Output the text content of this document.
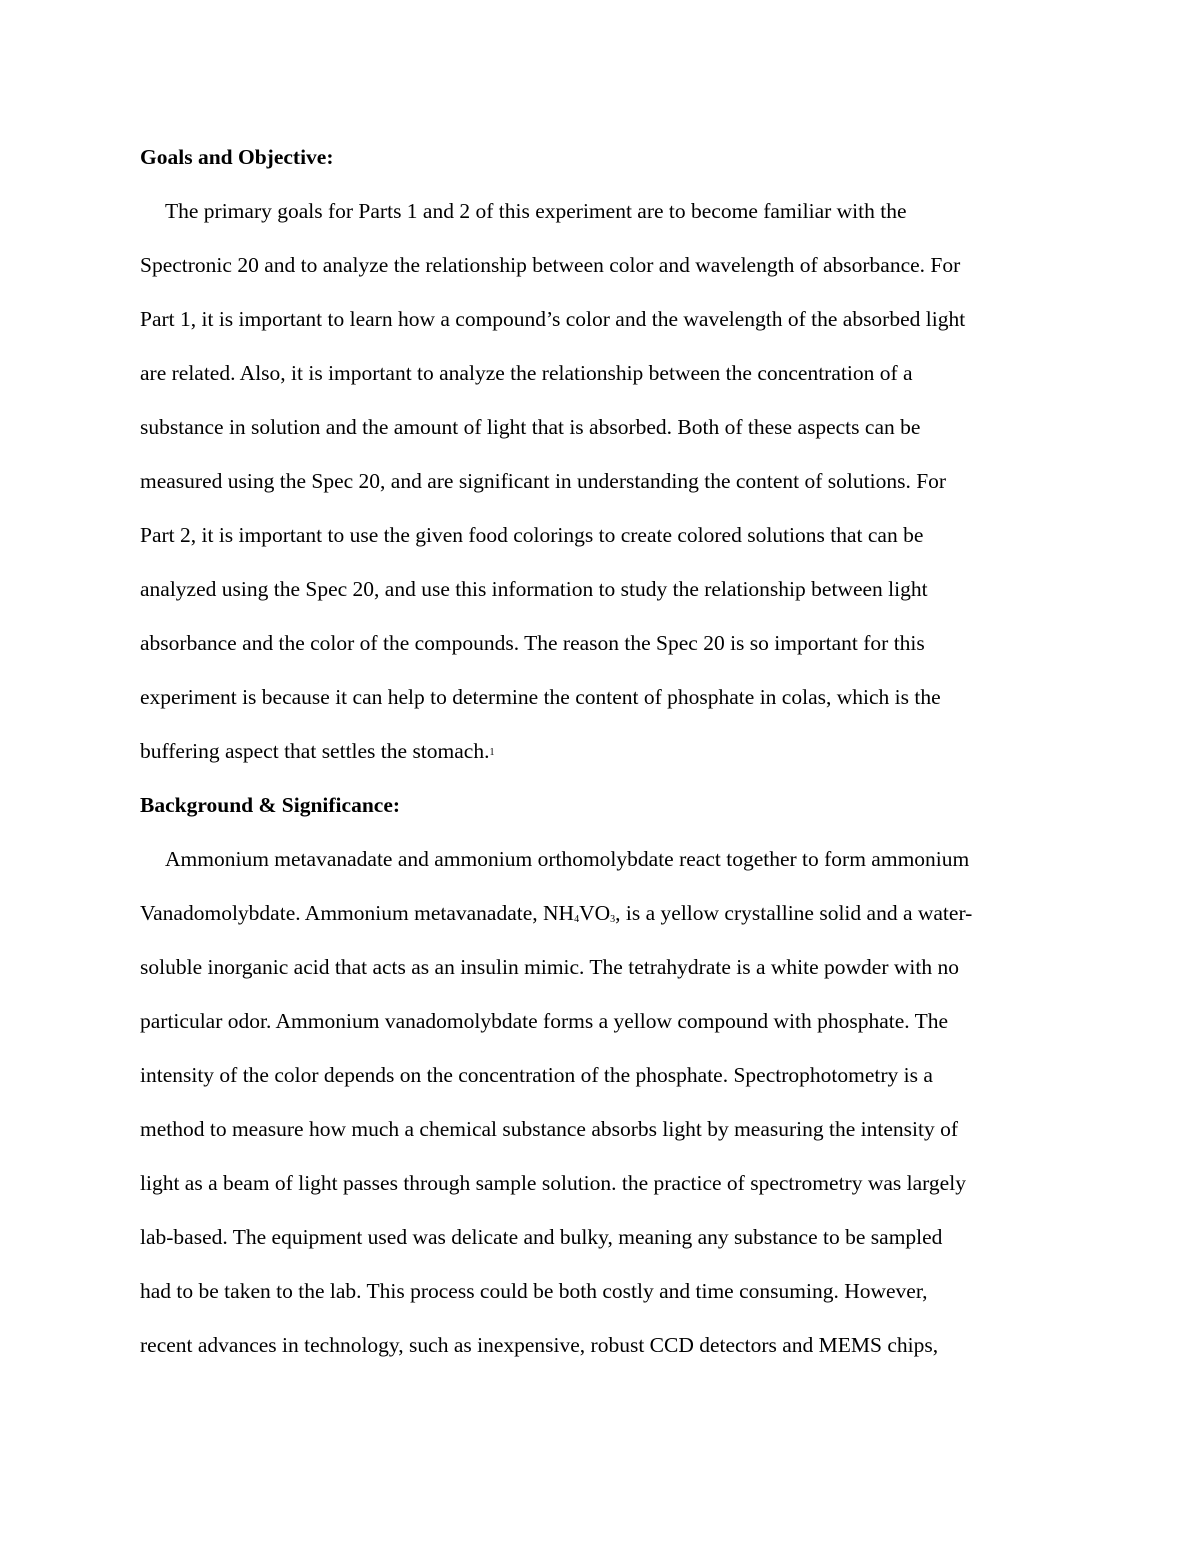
Goals and Objective:
The primary goals for Parts 1 and 2 of this experiment are to become familiar with the
Spectronic 20 and to analyze the relationship between color and wavelength of absorbance. For
Part 1, it is important to learn how a compound’s color and the wavelength of the absorbed light
are related. Also, it is important to analyze the relationship between the concentration of a
substance in solution and the amount of light that is absorbed. Both of these aspects can be
measured using the Spec 20, and are significant in understanding the content of solutions. For
Part 2, it is important to use the given food colorings to create colored solutions that can be
analyzed using the Spec 20, and use this information to study the relationship between light
absorbance and the color of the compounds. The reason the Spec 20 is so important for this
experiment is because it can help to determine the content of phosphate in colas, which is the
buffering aspect that settles the stomach.$^1$
Background & Significance:
Ammonium metavanadate and ammonium orthomolybdate react together to form ammonium
Vanadomolybdate. Ammonium metavanadate, $NH_4VO_3$, is a yellow crystalline solid and a water-
soluble inorganic acid that acts as an insulin mimic. The tetrahydrate is a white powder with no
particular odor. Ammonium vanadomolybdate forms a yellow compound with phosphate. The
intensity of the color depends on the concentration of the phosphate. Spectrophotometry is a
method to measure how much a chemical substance absorbs light by measuring the intensity of
light as a beam of light passes through sample solution. the practice of spectrometry was largely
lab-based. The equipment used was delicate and bulky, meaning any substance to be sampled
had to be taken to the lab. This process could be both costly and time consuming. However,
recent advances in technology, such as inexpensive, robust CCD detectors and MEMS chips,
